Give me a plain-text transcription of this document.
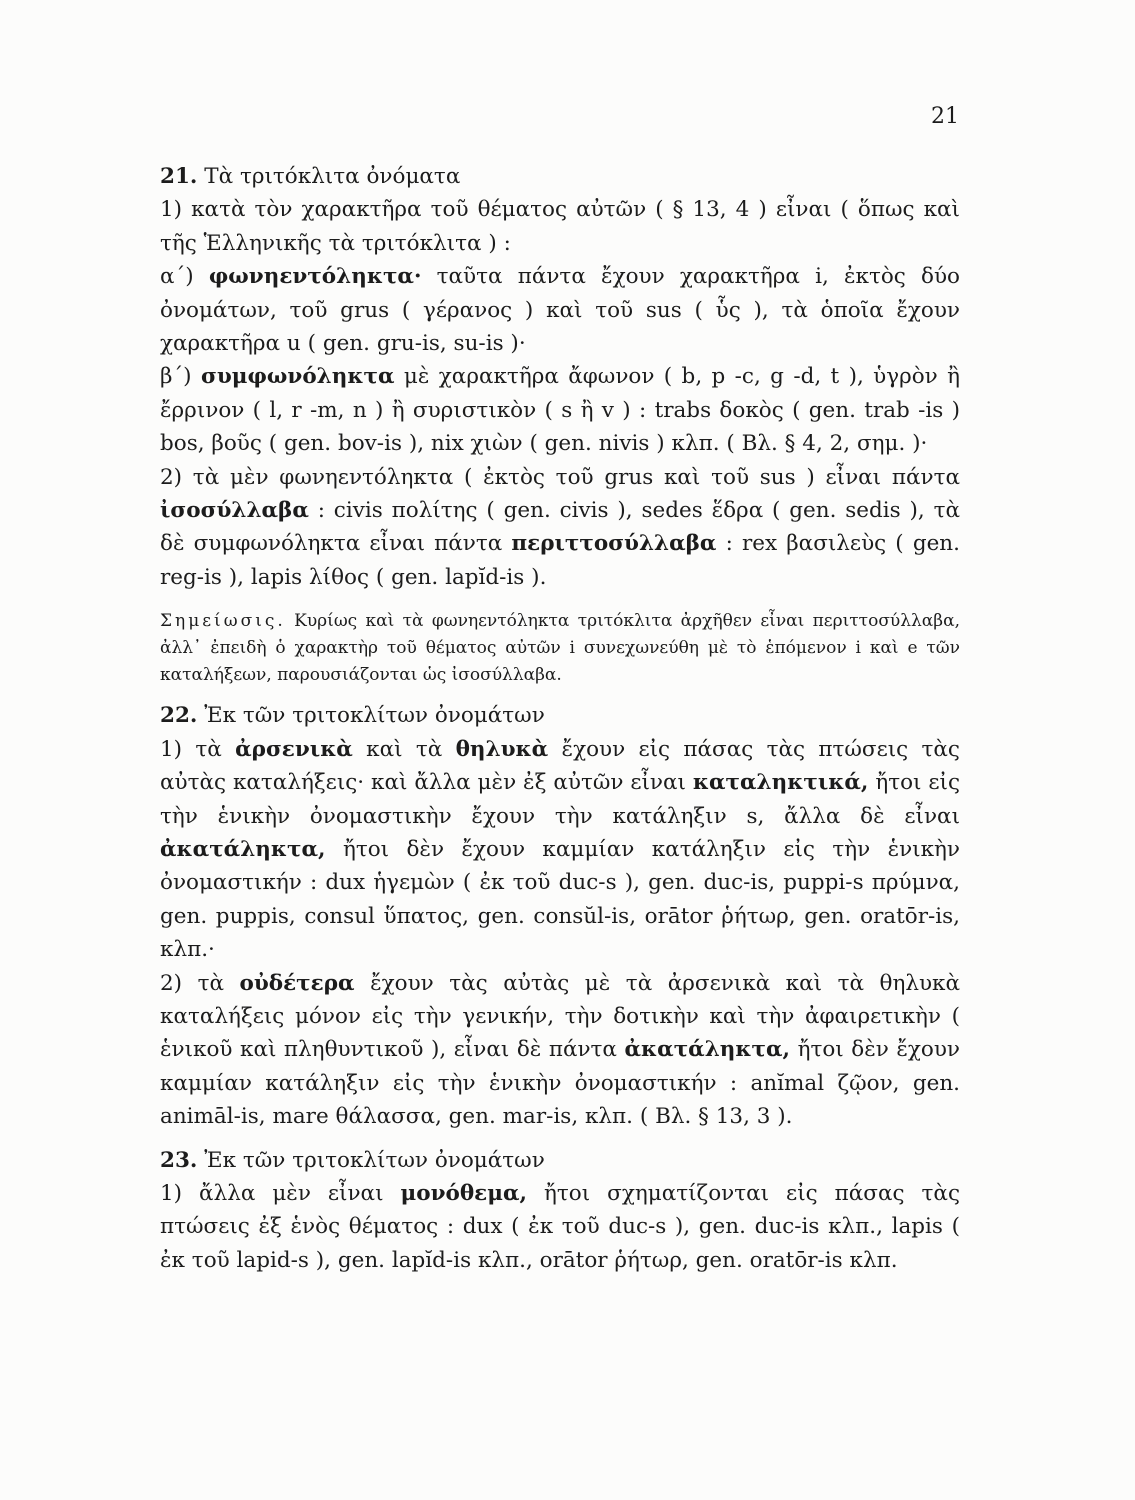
21

21. Τὰ τριτόκλιτα ὀνόματα

1) κατὰ τὸν χαρακτῆρα τοῦ θέματος αὐτῶν ( § 13, 4 ) εἶναι ( ὅπως καὶ τῆς Ἑλληνικῆς τὰ τριτόκλιτα ) :

α΄) φωνηεντόληκτα· ταῦτα πάντα ἔχουν χαρακτῆρα i, ἐκτὸς δύο ὀνομάτων, τοῦ grus ( γέρανος ) καὶ τοῦ sus ( ὗς ), τὰ ὁποῖα ἔχουν χαρακτῆρα u ( gen. gru-is, su-is )·

β΄) συμφωνόληκτα μὲ χαρακτῆρα ἄφωνον ( b, p -c, g -d, t ), ὑγρὸν ἢ ἔρρινον ( l, r -m, n ) ἢ συριστικὸν ( s ἢ v ) : trabs δοκὸς ( gen. trab -is ) bos, βοῦς ( gen. bov-is ), nix χιὼν ( gen. nivis ) κλπ. ( Βλ. § 4, 2, σημ. )·

2) τὰ μὲν φωνηεντόληκτα ( ἐκτὸς τοῦ grus καὶ τοῦ sus ) εἶναι πάντα ἰσοσύλλαβα : civis πολίτης ( gen. civis ), sedes ἕδρα ( gen. sedis ), τὰ δὲ συμφωνόληκτα εἶναι πάντα περιττοσύλλαβα : rex βασιλεὺς ( gen. reg-is ), lapis λίθος ( gen. lapĭd-is ).

Σημείωσις. Κυρίως καὶ τὰ φωνηεντόληκτα τριτόκλιτα ἀρχῆθεν εἶναι περιττοσύλλαβα, ἀλλ᾽ ἐπειδὴ ὁ χαρακτὴρ τοῦ θέματος αὐτῶν i συνεχωνεύθη μὲ τὸ ἑπόμενον i καὶ e τῶν καταλήξεων, παρουσιάζονται ὡς ἰσοσύλλαβα.

22. Ἐκ τῶν τριτοκλίτων ὀνομάτων

1) τὰ ἀρσενικὰ καὶ τὰ θηλυκὰ ἔχουν εἰς πάσας τὰς πτώσεις τὰς αὐτὰς καταλήξεις· καὶ ἄλλα μὲν ἐξ αὐτῶν εἶναι καταληκτικά, ἤτοι εἰς τὴν ἑνικὴν ὀνομαστικὴν ἔχουν τὴν κατάληξιν s, ἄλλα δὲ εἶναι ἀκατάληκτα, ἤτοι δὲν ἔχουν καμμίαν κατάληξιν εἰς τὴν ἑνικὴν ὀνομαστικήν : dux ἡγεμὼν ( ἐκ τοῦ duc-s ), gen. duc-is, puppi-s πρύμνα, gen. puppis, consul ὕπατος, gen. consŭl-is, orātor ῥήτωρ, gen. oratōr-is, κλπ.·

2) τὰ οὐδέτερα ἔχουν τὰς αὐτὰς μὲ τὰ ἀρσενικὰ καὶ τὰ θηλυκὰ καταλήξεις μόνον εἰς τὴν γενικήν, τὴν δοτικὴν καὶ τὴν ἀφαιρετικὴν ( ἑνικοῦ καὶ πληθυντικοῦ ), εἶναι δὲ πάντα ἀκατάληκτα, ἤτοι δὲν ἔχουν καμμίαν κατάληξιν εἰς τὴν ἑνικὴν ὀνομαστικήν : anĭmal ζῷον, gen. animāl-is, mare θάλασσα, gen. mar-is, κλπ. ( Βλ. § 13, 3 ).

23. Ἐκ τῶν τριτοκλίτων ὀνομάτων

1) ἄλλα μὲν εἶναι μονόθεμα, ἤτοι σχηματίζονται εἰς πάσας τὰς πτώσεις ἐξ ἑνὸς θέματος : dux ( ἐκ τοῦ duc-s ), gen. duc-is κλπ., lapis ( ἐκ τοῦ lapid-s ), gen. lapĭd-is κλπ., orātor ῥήτωρ, gen. oratōr-is κλπ.
